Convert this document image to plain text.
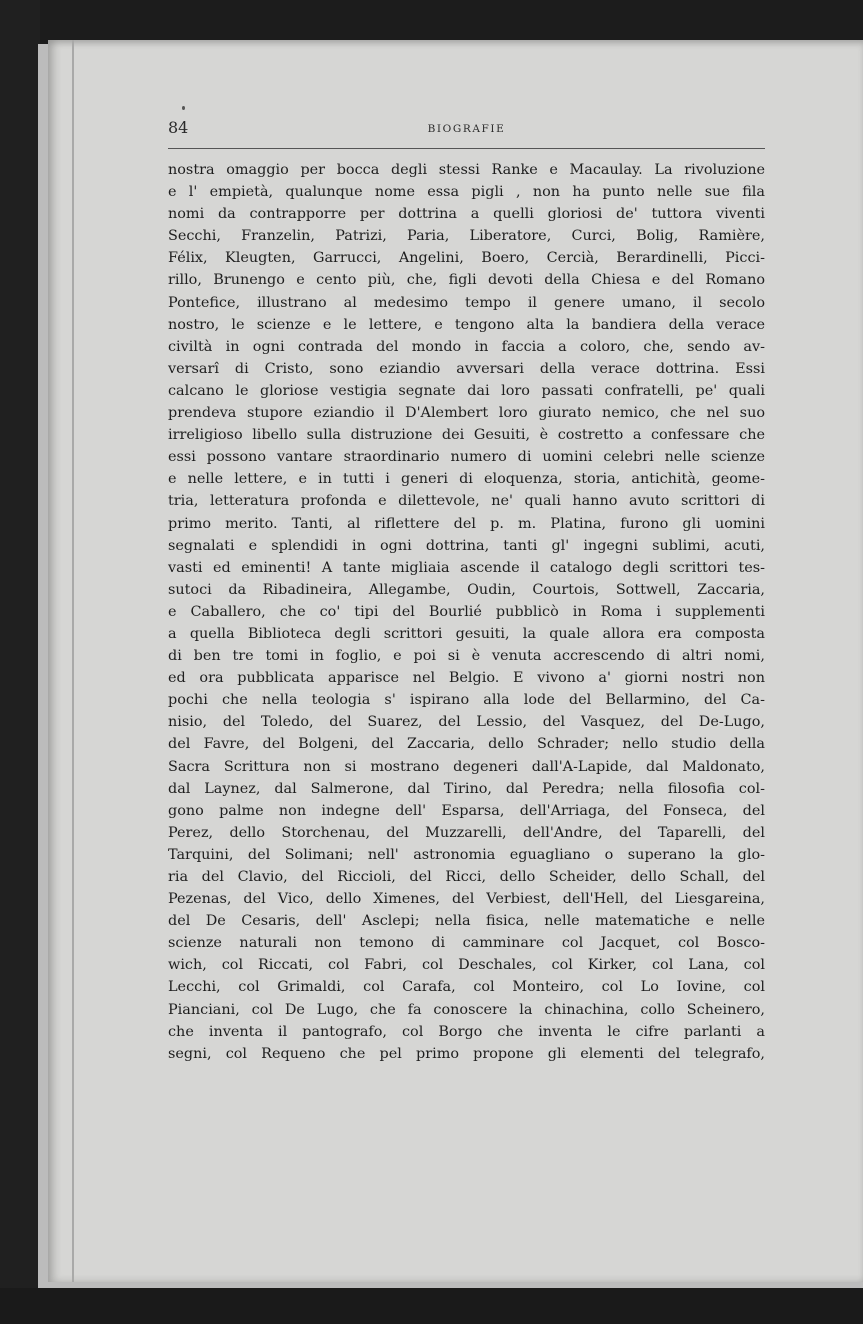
84	BIOGRAFIE
nostra omaggio per bocca degli stessi Ranke e Macaulay. La rivoluzione
e l' empietà, qualunque nome essa pigli , non ha punto nelle sue fila
nomi da contrapporre per dottrina a quelli gloriosi de' tuttora viventi
Secchi, Franzelin, Patrizi, Paria, Liberatore, Curci, Bolig, Ramière,
Félix, Kleugten, Garrucci, Angelini, Boero, Cercià, Berardinelli, Picci-
rillo, Brunengo e cento più, che, figli devoti della Chiesa e del Romano
Pontefice, illustrano al medesimo tempo il genere umano, il secolo
nostro, le scienze e le lettere, e tengono alta la bandiera della verace
civiltà in ogni contrada del mondo in faccia a coloro, che, sendo av-
versarî di Cristo, sono eziandio avversari della verace dottrina. Essi
calcano le gloriose vestigia segnate dai loro passati confratelli, pe' quali
prendeva stupore eziandio il D'Alembert loro giurato nemico, che nel suo
irreligioso libello sulla distruzione dei Gesuiti, è costretto a confessare che
essi possono vantare straordinario numero di uomini celebri nelle scienze
e nelle lettere, e in tutti i generi di eloquenza, storia, antichità, geome-
tria, letteratura profonda e dilettevole, ne' quali hanno avuto scrittori di
primo merito. Tanti, al riflettere del p. m. Platina, furono gli uomini
segnalati e splendidi in ogni dottrina, tanti gl' ingegni sublimi, acuti,
vasti ed eminenti! A tante migliaia ascende il catalogo degli scrittori tes-
sutoci da Ribadineira, Allegambe, Oudin, Courtois, Sottwell, Zaccaria,
e Caballero, che co' tipi del Bourlié pubblicò in Roma i supplementi
a quella Biblioteca degli scrittori gesuiti, la quale allora era composta
di ben tre tomi in foglio, e poi si è venuta accrescendo di altri nomi,
ed ora pubblicata apparisce nel Belgio. E vivono a' giorni nostri non
pochi che nella teologia s' ispirano alla lode del Bellarmino, del Ca-
nisio, del Toledo, del Suarez, del Lessio, del Vasquez, del De-Lugo,
del Favre, del Bolgeni, del Zaccaria, dello Schrader; nello studio della
Sacra Scrittura non si mostrano degeneri dall'A-Lapide, dal Maldonato,
dal Laynez, dal Salmerone, dal Tirino, dal Peredra; nella filosofia col-
gono palme non indegne dell' Esparsa, dell'Arriaga, del Fonseca, del
Perez, dello Storchenau, del Muzzarelli, dell'Andre, del Taparelli, del
Tarquini, del Solimani; nell' astronomia eguagliano o superano la glo-
ria del Clavio, del Riccioli, del Ricci, dello Scheider, dello Schall, del
Pezenas, del Vico, dello Ximenes, del Verbiest, dell'Hell, del Liesgareina,
del De Cesaris, dell' Asclepi; nella fisica, nelle matematiche e nelle
scienze naturali non temono di camminare col Jacquet, col Bosco-
wich, col Riccati, col Fabri, col Deschales, col Kirker, col Lana, col
Lecchi, col Grimaldi, col Carafa, col Monteiro, col Lo Iovine, col
Pianciani, col De Lugo, che fa conoscere la chinachina, collo Scheinero,
che inventa il pantografo, col Borgo che inventa le cifre parlanti a
segni, col Requeno che pel primo propone gli elementi del telegrafo,
